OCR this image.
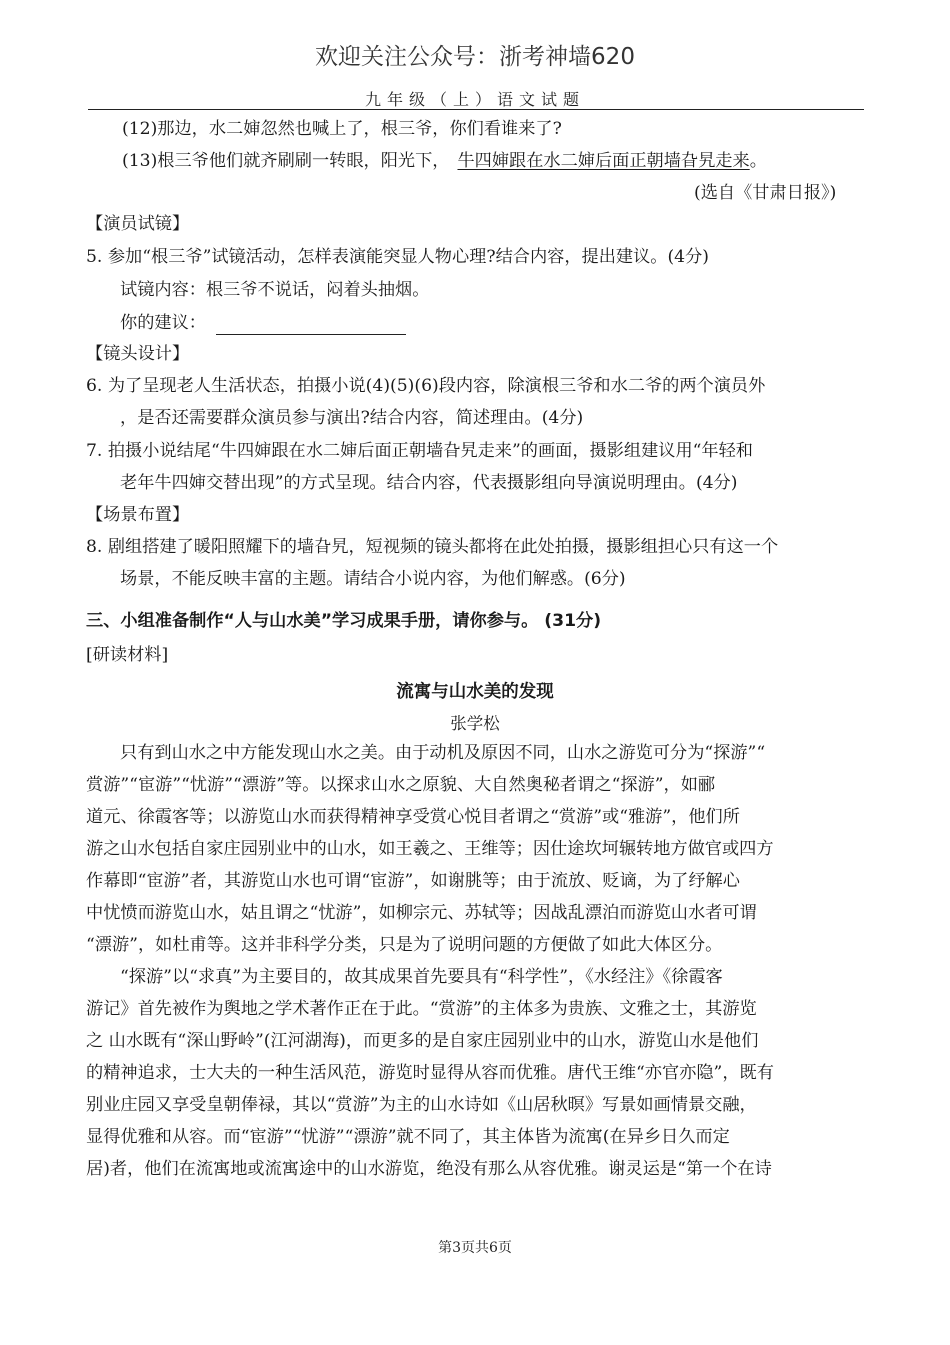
欢迎关注公众号：浙考神墙620
九年级（上）语文试题
(12)那边，水二婶忽然也喊上了，根三爷，你们看谁来了?
(13)根三爷他们就齐刷刷一转眼，阳光下， 牛四婶跟在水二婶后面正朝墙旮旯走来。
(选自《甘肃日报》)
【演员试镜】
5. 参加“根三爷”试镜活动，怎样表演能突显人物心理?结合内容，提出建议。(4分)
试镜内容：根三爷不说话，闷着头抽烟。
你的建议：
【镜头设计】
6. 为了呈现老人生活状态，拍摄小说(4)(5)(6)段内容，除演根三爷和水二爷的两个演员外
，是否还需要群众演员参与演出?结合内容，简述理由。(4分)
7. 拍摄小说结尾“牛四婶跟在水二婶后面正朝墙旮旯走来”的画面，摄影组建议用“年轻和
老年牛四婶交替出现”的方式呈现。结合内容，代表摄影组向导演说明理由。(4分)
【场景布置】
8. 剧组搭建了暖阳照耀下的墙旮旯，短视频的镜头都将在此处拍摄，摄影组担心只有这一个
场景，不能反映丰富的主题。请结合小说内容，为他们解惑。(6分)
三、小组准备制作“人与山水美”学习成果手册，请你参与。 (31分)
[研读材料]
流寓与山水美的发现
张学松
只有到山水之中方能发现山水之美。由于动机及原因不同，山水之游览可分为“探游”“
赏游”“宦游”“忧游”“漂游”等。以探求山水之原貌、大自然奥秘者谓之“探游”，如郦
道元、徐霞客等；以游览山水而获得精神享受赏心悦目者谓之“赏游”或“雅游”，他们所
游之山水包括自家庄园别业中的山水，如王羲之、王维等；因仕途坎坷辗转地方做官或四方
作幕即“宦游”者，其游览山水也可谓“宦游”，如谢朓等；由于流放、贬谪，为了纾解心
中忧愤而游览山水，姑且谓之“忧游”，如柳宗元、苏轼等；因战乱漂泊而游览山水者可谓
“漂游”，如杜甫等。这并非科学分类，只是为了说明问题的方便做了如此大体区分。
“探游”以“求真”为主要目的，故其成果首先要具有“科学性”，《水经注》《徐霞客
游记》首先被作为舆地之学术著作正在于此。“赏游”的主体多为贵族、文雅之士，其游览
之 山水既有“深山野岭”(江河湖海)，而更多的是自家庄园别业中的山水，游览山水是他们
的精神追求，士大夫的一种生活风范，游览时显得从容而优雅。唐代王维“亦官亦隐”，既有
别业庄园又享受皇朝俸禄，其以“赏游”为主的山水诗如《山居秋暝》写景如画情景交融，
显得优雅和从容。而“宦游”“忧游”“漂游”就不同了，其主体皆为流寓(在异乡日久而定
居)者，他们在流寓地或流寓途中的山水游览，绝没有那么从容优雅。谢灵运是“第一个在诗
第3页共6页
